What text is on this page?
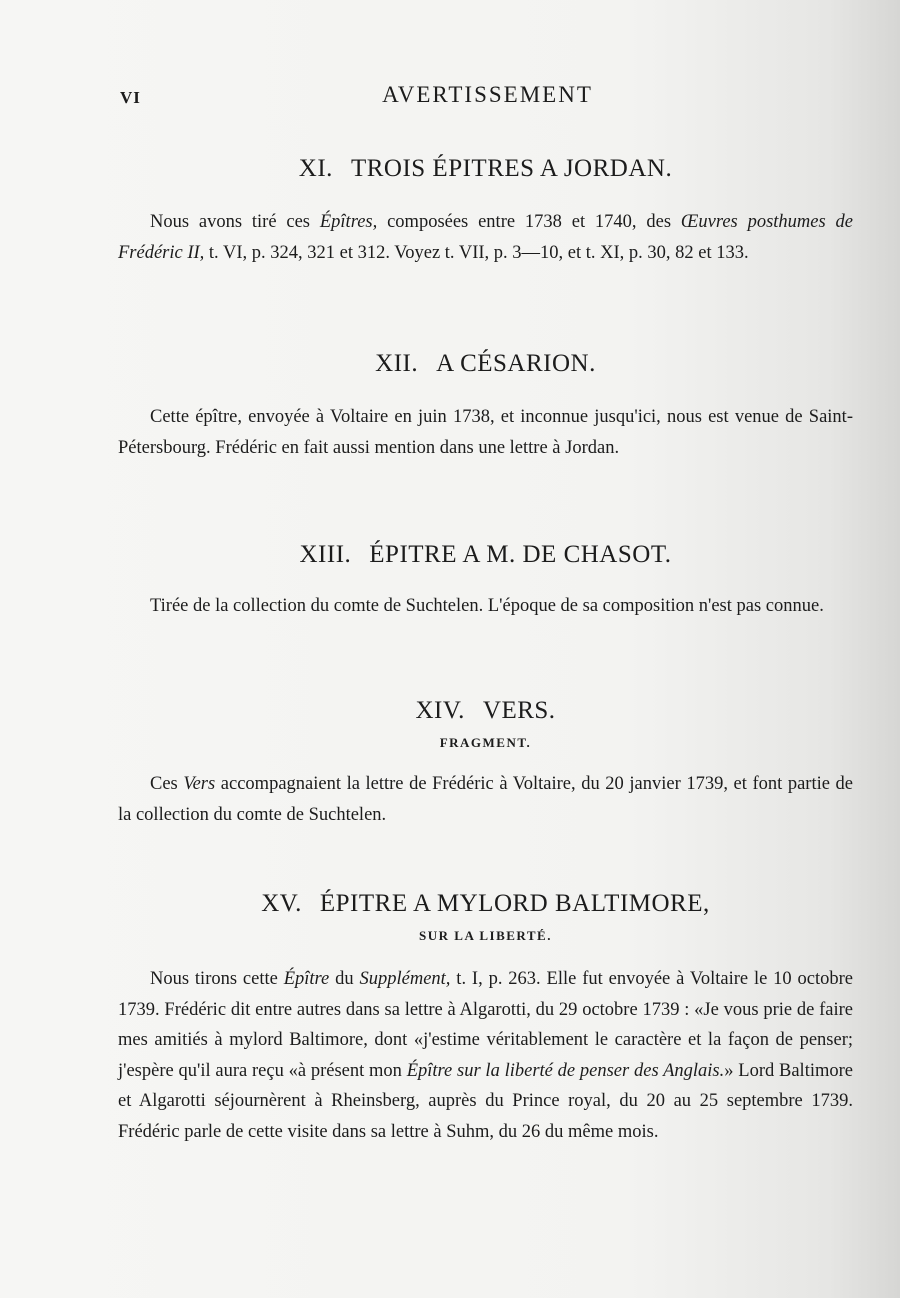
VI	AVERTISSEMENT
XI. TROIS ÉPITRES A JORDAN.

Nous avons tiré ces Épîtres, composées entre 1738 et 1740, des Œuvres posthumes de Frédéric II, t. VI, p. 324, 321 et 312. Voyez t. VII, p. 3—10, et t. XI, p. 30, 82 et 133.

XII. A CÉSARION.

Cette épître, envoyée à Voltaire en juin 1738, et inconnue jusqu'ici, nous est venue de Saint-Pétersbourg. Frédéric en fait aussi mention dans une lettre à Jordan.

XIII. ÉPITRE A M. DE CHASOT.

Tirée de la collection du comte de Suchtelen. L'époque de sa composition n'est pas connue.

XIV. VERS.
FRAGMENT.

Ces Vers accompagnaient la lettre de Frédéric à Voltaire, du 20 janvier 1739, et font partie de la collection du comte de Suchtelen.

XV. ÉPITRE A MYLORD BALTIMORE,
SUR LA LIBERTÉ.

Nous tirons cette Épître du Supplément, t. I, p. 263. Elle fut envoyée à Voltaire le 10 octobre 1739. Frédéric dit entre autres dans sa lettre à Algarotti, du 29 octobre 1739 : «Je vous prie de faire mes amitiés à mylord Baltimore, dont «j'estime véritablement le caractère et la façon de penser; j'espère qu'il aura reçu «à présent mon Épître sur la liberté de penser des Anglais.» Lord Baltimore et Algarotti séjournèrent à Rheinsberg, auprès du Prince royal, du 20 au 25 septembre 1739. Frédéric parle de cette visite dans sa lettre à Suhm, du 26 du même mois.
